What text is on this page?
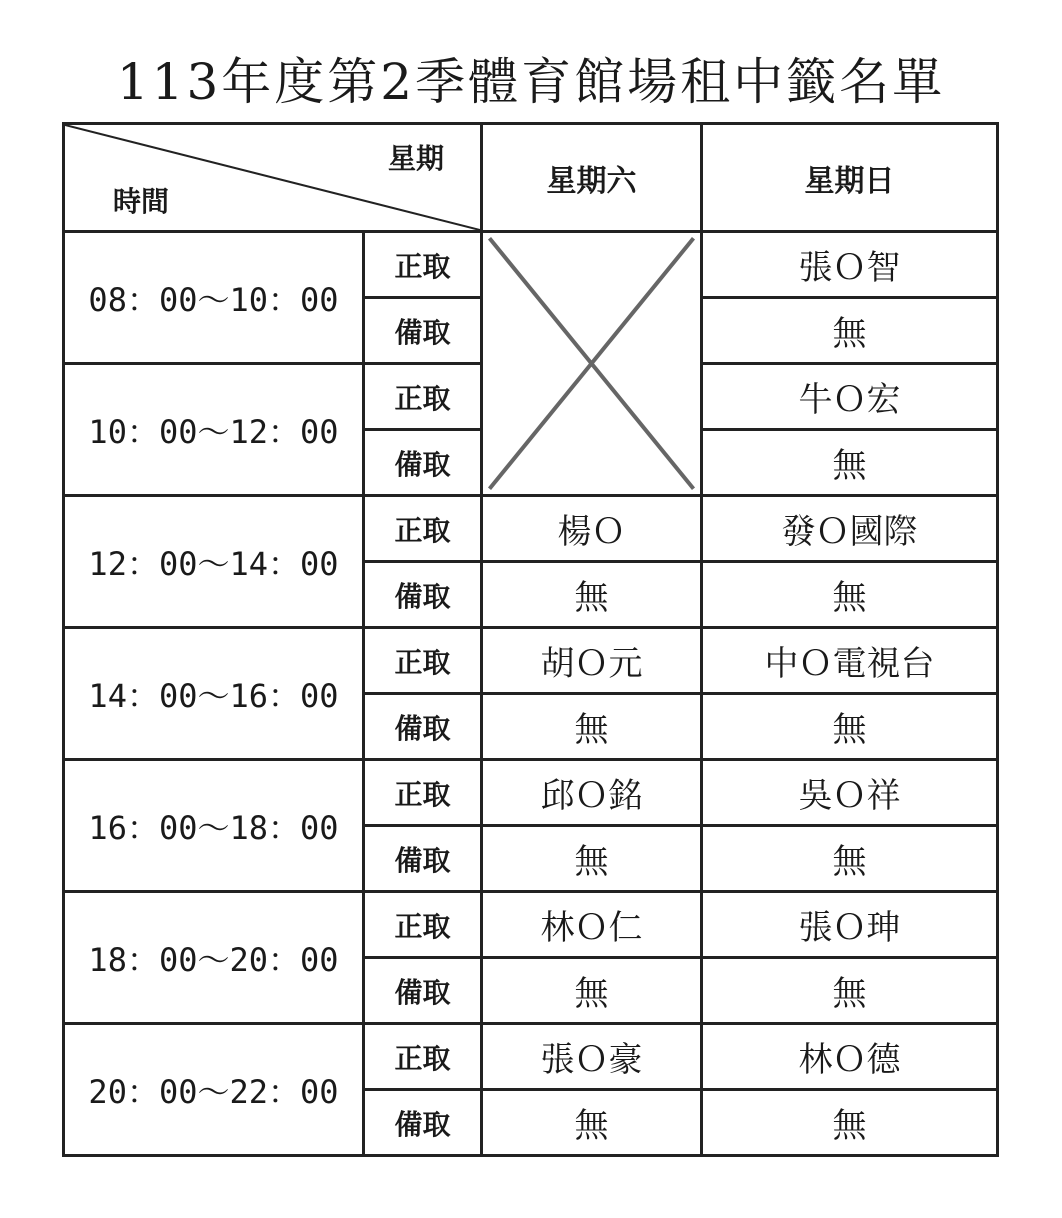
113年度第2季體育館場租中籤名單
星期
時間		星期六	星期日
08：00～10：00	正取		張Ｏ智
	備取		無
10：00～12：00	正取		牛Ｏ宏
	備取		無
12：00～14：00	正取	楊Ｏ	發Ｏ國際
	備取	無	無
14：00～16：00	正取	胡Ｏ元	中Ｏ電視台
	備取	無	無
16：00～18：00	正取	邱Ｏ銘	吳Ｏ祥
	備取	無	無
18：00～20：00	正取	林Ｏ仁	張Ｏ珅
	備取	無	無
20：00～22：00	正取	張Ｏ豪	林Ｏ德
	備取	無	無
